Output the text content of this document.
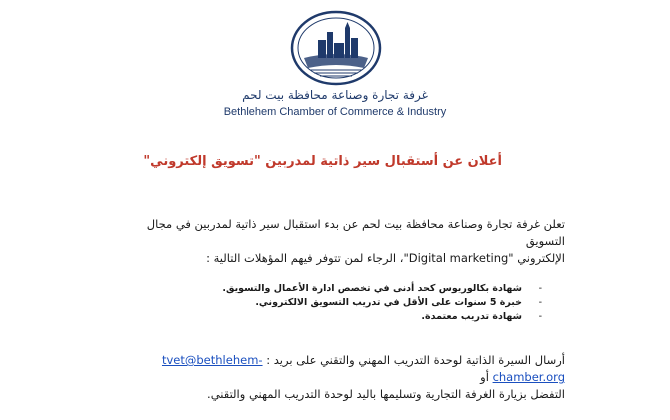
غرفة تجارة وصناعة محافظة بيت لحم
Bethlehem Chamber of Commerce & Industry
أعلان عن أستقبال سير ذاتية لمدربين "تسويق إلكتروني"
تعلن غرفة تجارة وصناعة محافظة بيت لحم عن بدء استقبال سير ذاتية لمدربين في مجال التسويق
الإلكتروني "Digital marketing"، الرجاء لمن تتوفر فيهم المؤهلات التالية :
-
شهادة بكالوريوس كحد أدنى في تخصص ادارة الأعمال والتسويق.
-
خبرة 5 سنوات على الأقل في تدريب التسويق الالكتروني.
-
شهادة تدريب معتمدة.
أرسال السيرة الذاتية لوحدة التدريب المهني والتقني على بريد : tvet@bethlehem-chamber.org أو
التفضل بزيارة الغرفة التجارية وتسليمها باليد لوحدة التدريب المهني والتقني.
